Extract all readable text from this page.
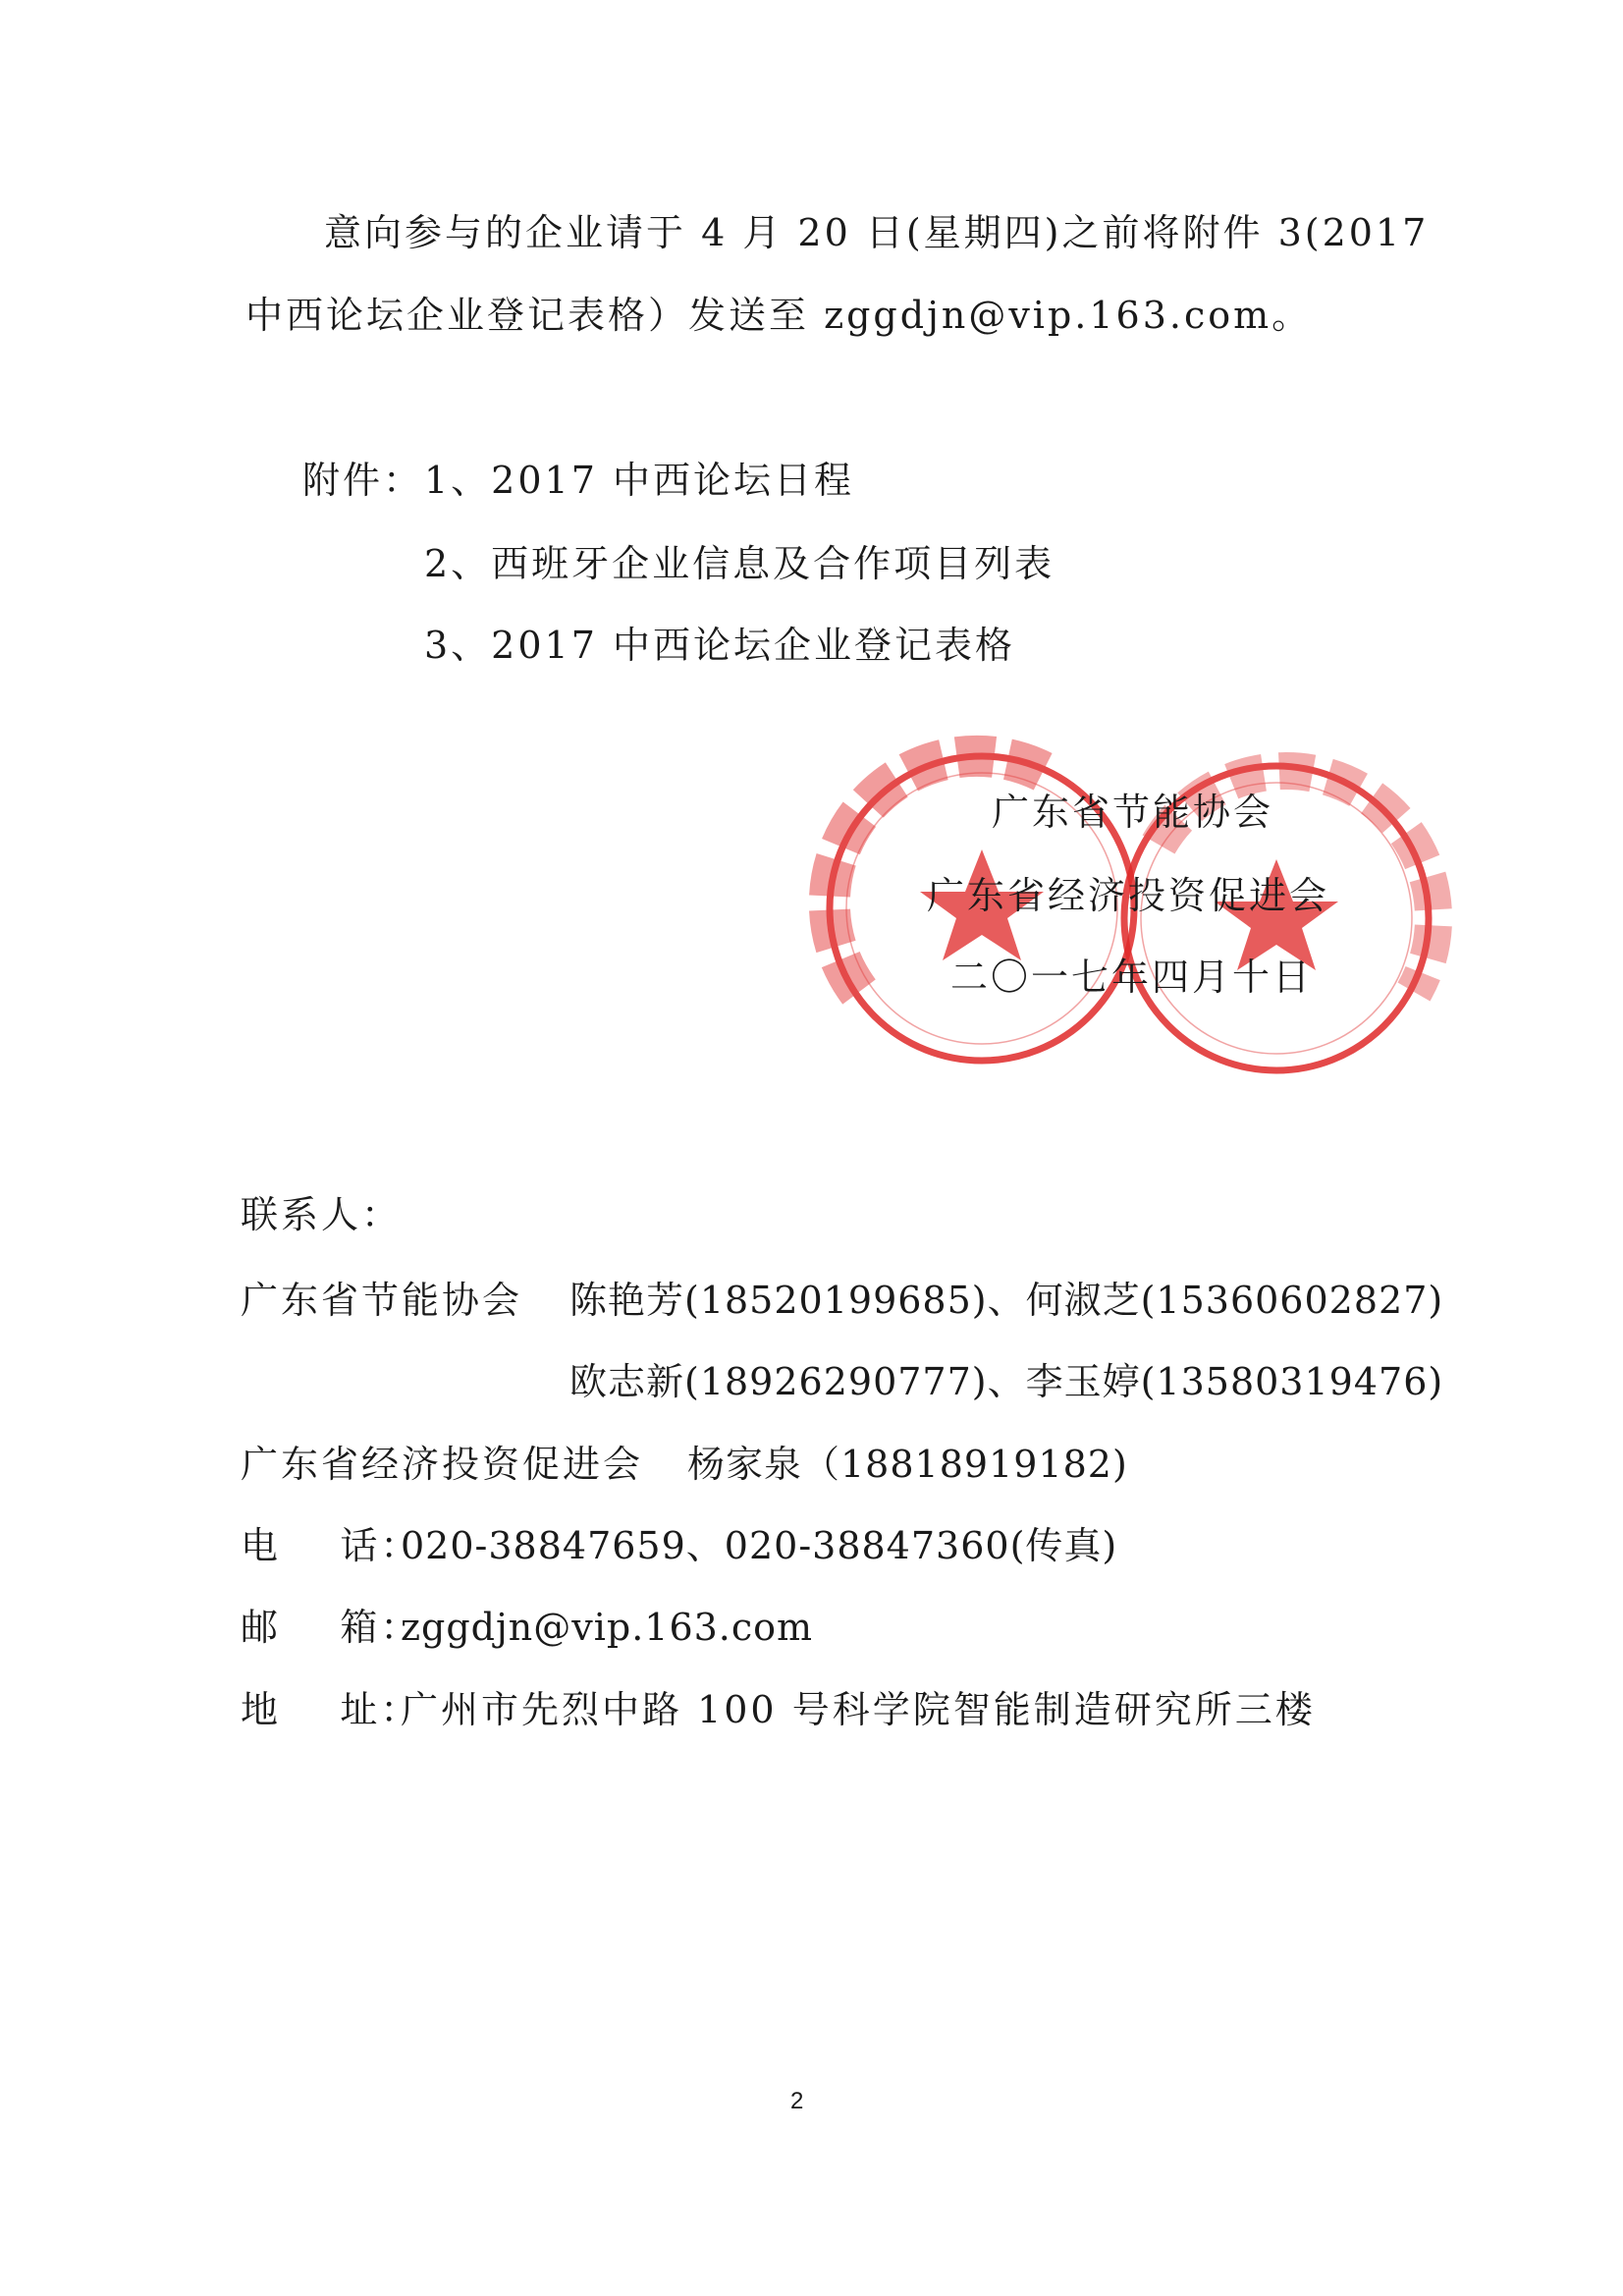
意向参与的企业请于 4 月 20 日(星期四)之前将附件 3(2017
中西论坛企业登记表格）发送至 zggdjn@vip.163.com。
附件： 1、2017 中西论坛日程
2、西班牙企业信息及合作项目列表
3、2017 中西论坛企业登记表格
广东省节能协会
广东省经济投资促进会
二〇一七年四月十日
联系人：
广东省节能协会 陈艳芳(18520199685)、何淑芝(15360602827)
欧志新(18926290777)、李玉婷(13580319476)
广东省经济投资促进会 杨家泉（18818919182)
电    话：
020-38847659、020-38847360(传真)
邮    箱：
zggdjn@vip.163.com
地    址：
广州市先烈中路 100 号科学院智能制造研究所三楼
2
